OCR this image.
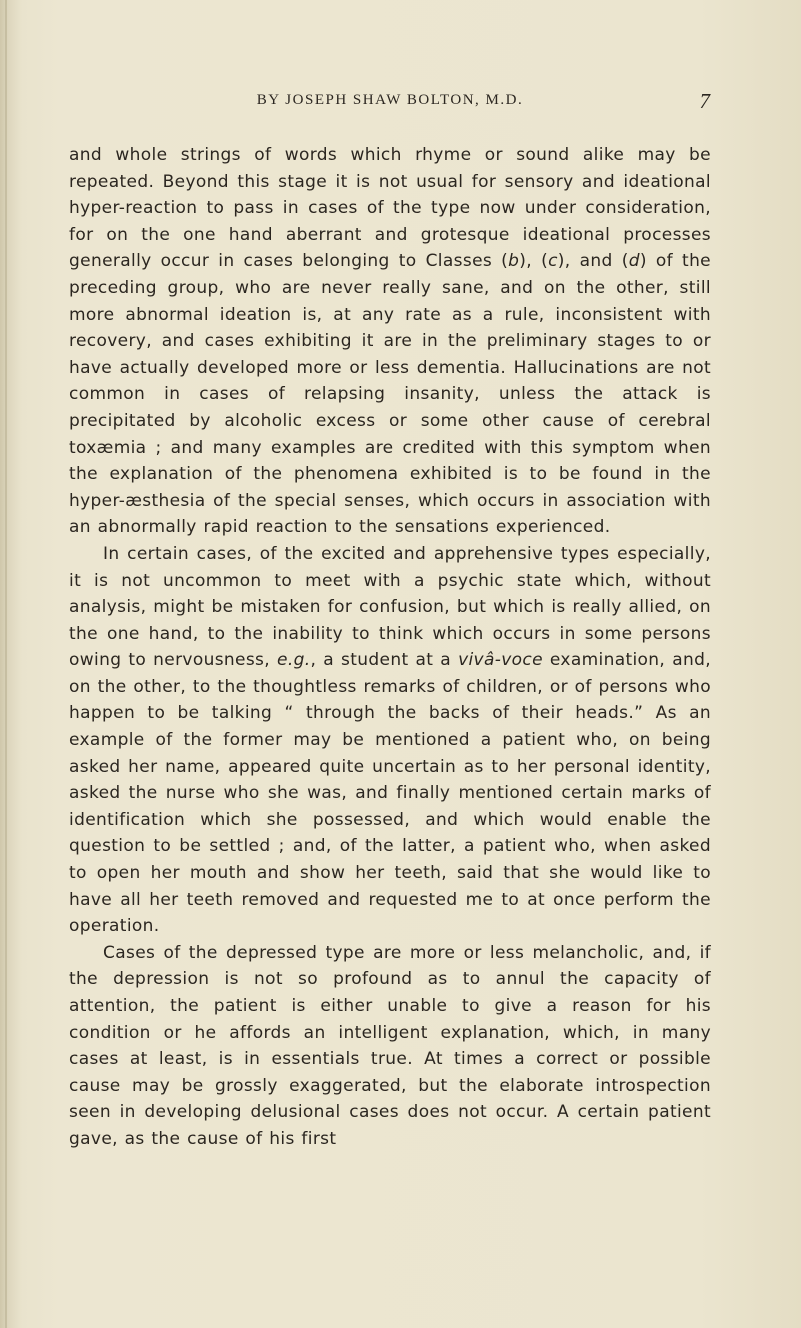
BY JOSEPH SHAW BOLTON, M.D.	7

and whole strings of words which rhyme or sound alike may be repeated. Beyond this stage it is not usual for sensory and ideational hyper-reaction to pass in cases of the type now under consideration, for on the one hand aberrant and grotesque ideational processes generally occur in cases belonging to Classes (b), (c), and (d) of the preceding group, who are never really sane, and on the other, still more abnormal ideation is, at any rate as a rule, inconsistent with recovery, and cases exhibiting it are in the preliminary stages to or have actually developed more or less dementia. Hallucinations are not common in cases of relapsing insanity, unless the attack is precipitated by alcoholic excess or some other cause of cerebral toxæmia ; and many examples are credited with this symptom when the explanation of the phenomena exhibited is to be found in the hyper-æsthesia of the special senses, which occurs in association with an abnormally rapid reaction to the sensations experienced.

In certain cases, of the excited and apprehensive types especially, it is not uncommon to meet with a psychic state which, without analysis, might be mistaken for confusion, but which is really allied, on the one hand, to the inability to think which occurs in some persons owing to nervousness, e.g., a student at a vivâ-voce examination, and, on the other, to the thoughtless remarks of children, or of persons who happen to be talking “ through the backs of their heads.” As an example of the former may be mentioned a patient who, on being asked her name, appeared quite uncertain as to her personal identity, asked the nurse who she was, and finally mentioned certain marks of identification which she possessed, and which would enable the question to be settled ; and, of the latter, a patient who, when asked to open her mouth and show her teeth, said that she would like to have all her teeth removed and requested me to at once perform the operation.

Cases of the depressed type are more or less melancholic, and, if the depression is not so profound as to annul the capacity of attention, the patient is either unable to give a reason for his condition or he affords an intelligent explanation, which, in many cases at least, is in essentials true. At times a correct or possible cause may be grossly exaggerated, but the elaborate introspection seen in developing delusional cases does not occur. A certain patient gave, as the cause of his first
